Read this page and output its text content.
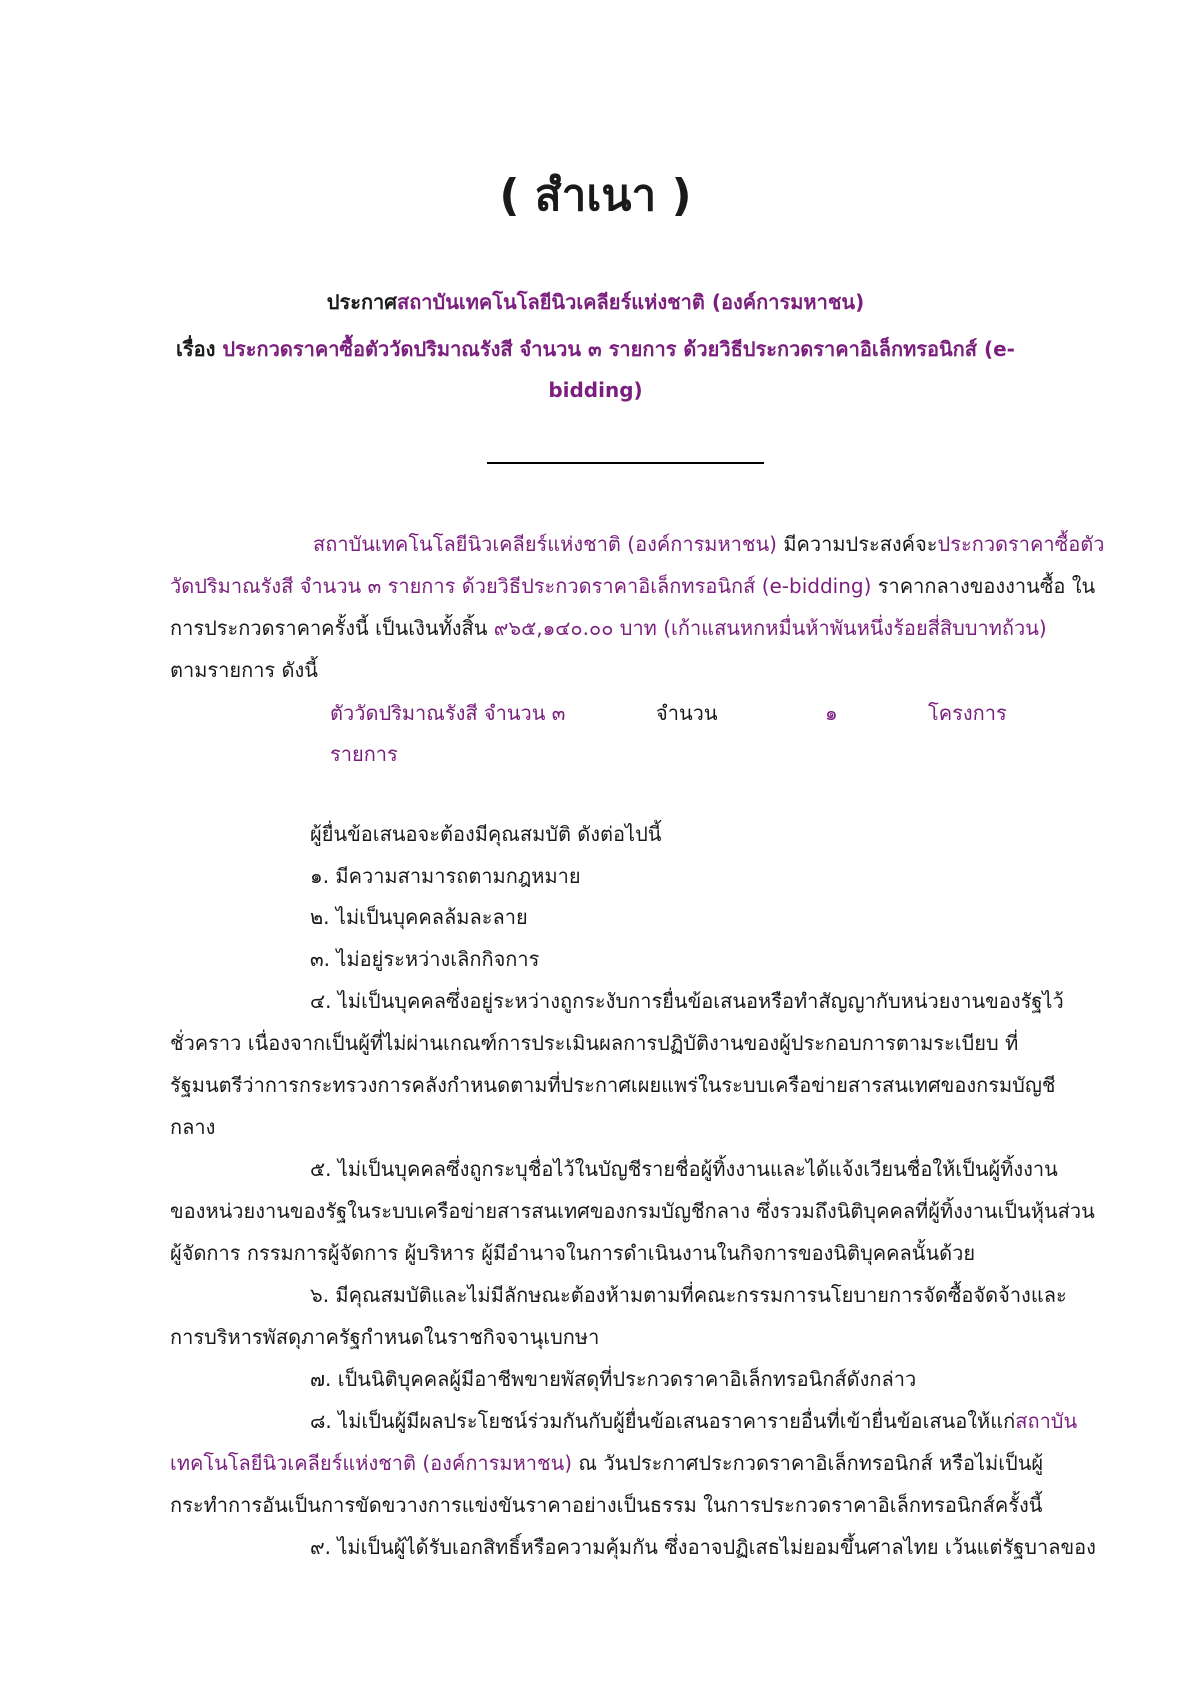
( สำเนา )
ประกาศสถาบันเทคโนโลยีนิวเคลียร์แห่งชาติ (องค์การมหาชน)
เรื่อง ประกวดราคาซื้อตัววัดปริมาณรังสี จำนวน ๓ รายการ ด้วยวิธีประกวดราคาอิเล็กทรอนิกส์ (e-
bidding)
สถาบันเทคโนโลยีนิวเคลียร์แห่งชาติ (องค์การมหาชน) มีความประสงค์จะประกวดราคาซื้อตัว
วัดปริมาณรังสี จำนวน ๓ รายการ ด้วยวิธีประกวดราคาอิเล็กทรอนิกส์ (e-bidding) ราคากลางของงานซื้อ ใน
การประกวดราคาครั้งนี้ เป็นเงินทั้งสิ้น ๙๖๕,๑๔๐.๐๐ บาท (เก้าแสนหกหมื่นห้าพันหนึ่งร้อยสี่สิบบาทถ้วน)
ตามรายการ ดังนี้
ตัววัดปริมาณรังสี จำนวน ๓
รายการ
จำนวน	๑	โครงการ
ผู้ยื่นข้อเสนอจะต้องมีคุณสมบัติ ดังต่อไปนี้
๑. มีความสามารถตามกฎหมาย
๒. ไม่เป็นบุคคลล้มละลาย
๓. ไม่อยู่ระหว่างเลิกกิจการ
๔. ไม่เป็นบุคคลซึ่งอยู่ระหว่างถูกระงับการยื่นข้อเสนอหรือทำสัญญากับหน่วยงานของรัฐไว้
ชั่วคราว เนื่องจากเป็นผู้ที่ไม่ผ่านเกณฑ์การประเมินผลการปฏิบัติงานของผู้ประกอบการตามระเบียบ ที่
รัฐมนตรีว่าการกระทรวงการคลังกำหนดตามที่ประกาศเผยแพร่ในระบบเครือข่ายสารสนเทศของกรมบัญชี
กลาง
๕. ไม่เป็นบุคคลซึ่งถูกระบุชื่อไว้ในบัญชีรายชื่อผู้ทิ้งงานและได้แจ้งเวียนชื่อให้เป็นผู้ทิ้งงาน
ของหน่วยงานของรัฐในระบบเครือข่ายสารสนเทศของกรมบัญชีกลาง ซึ่งรวมถึงนิติบุคคลที่ผู้ทิ้งงานเป็นหุ้นส่วน
ผู้จัดการ กรรมการผู้จัดการ ผู้บริหาร ผู้มีอำนาจในการดำเนินงานในกิจการของนิติบุคคลนั้นด้วย
๖. มีคุณสมบัติและไม่มีลักษณะต้องห้ามตามที่คณะกรรมการนโยบายการจัดซื้อจัดจ้างและ
การบริหารพัสดุภาครัฐกำหนดในราชกิจจานุเบกษา
๗. เป็นนิติบุคคลผู้มีอาชีพขายพัสดุที่ประกวดราคาอิเล็กทรอนิกส์ดังกล่าว
๘. ไม่เป็นผู้มีผลประโยชน์ร่วมกันกับผู้ยื่นข้อเสนอราคารายอื่นที่เข้ายื่นข้อเสนอให้แก่สถาบัน
เทคโนโลยีนิวเคลียร์แห่งชาติ (องค์การมหาชน) ณ วันประกาศประกวดราคาอิเล็กทรอนิกส์ หรือไม่เป็นผู้
กระทำการอันเป็นการขัดขวางการแข่งขันราคาอย่างเป็นธรรม ในการประกวดราคาอิเล็กทรอนิกส์ครั้งนี้
๙. ไม่เป็นผู้ได้รับเอกสิทธิ์หรือความคุ้มกัน ซึ่งอาจปฏิเสธไม่ยอมขึ้นศาลไทย เว้นแต่รัฐบาลของ
